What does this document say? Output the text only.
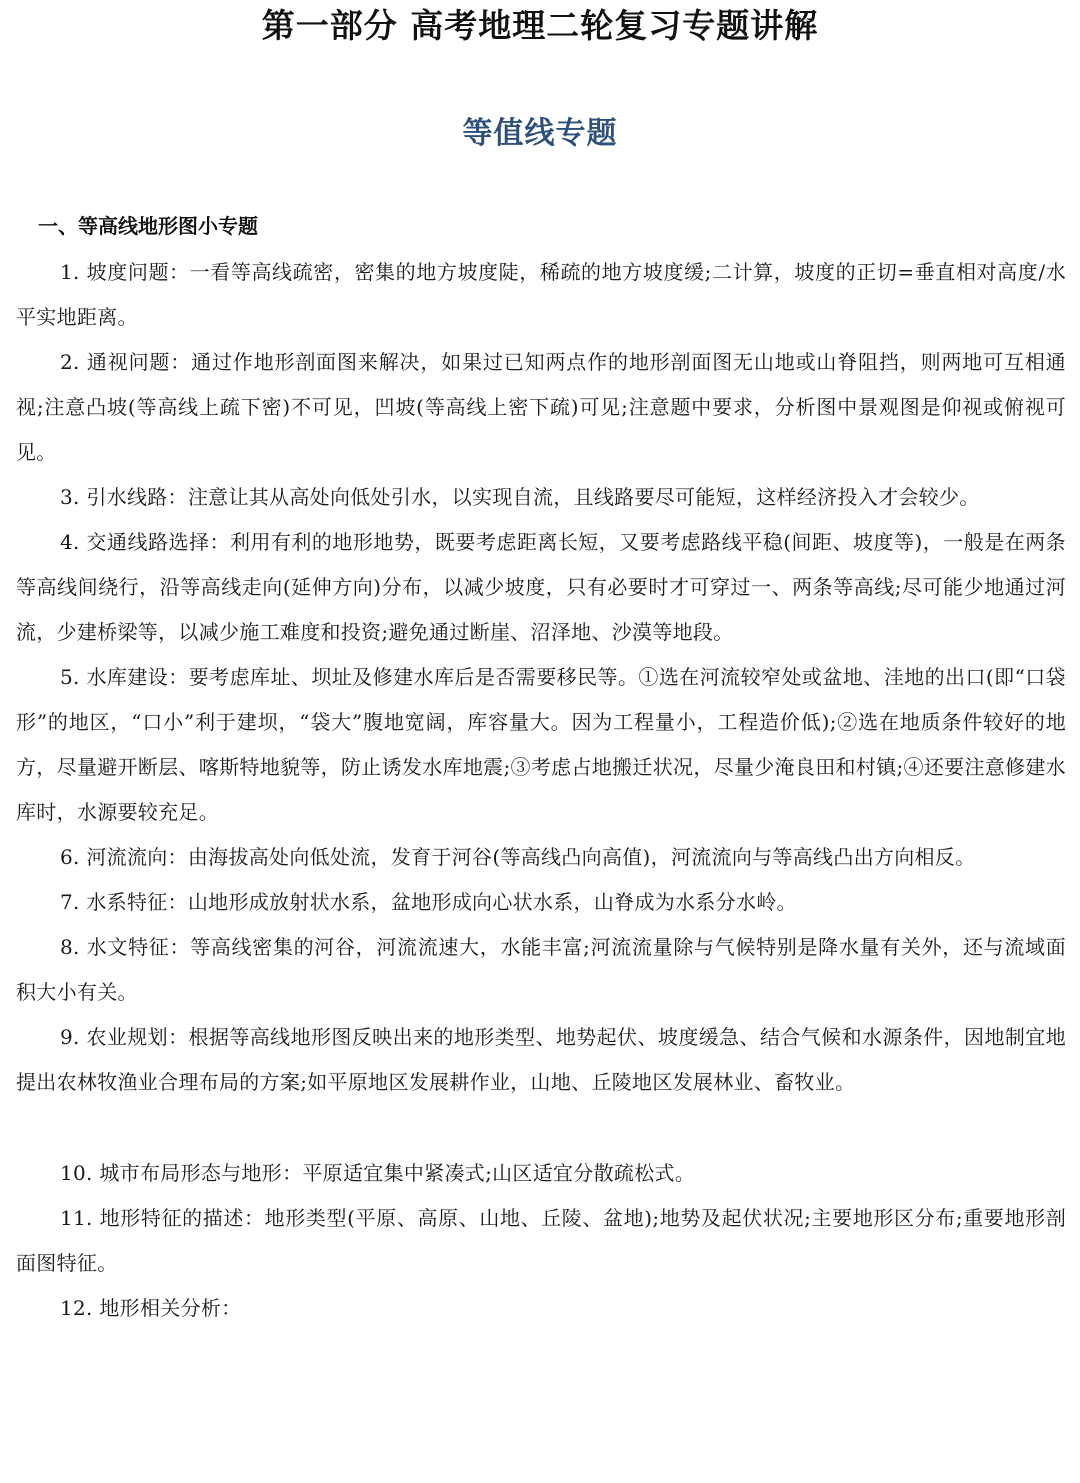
第一部分 高考地理二轮复习专题讲解
等值线专题
一、等高线地形图小专题

1. 坡度问题：一看等高线疏密，密集的地方坡度陡，稀疏的地方坡度缓;二计算，坡度的正切=垂直相对高度/水平实地距离。

2. 通视问题：通过作地形剖面图来解决，如果过已知两点作的地形剖面图无山地或山脊阻挡，则两地可互相通视;注意凸坡(等高线上疏下密)不可见，凹坡(等高线上密下疏)可见;注意题中要求，分析图中景观图是仰视或俯视可见。

3. 引水线路：注意让其从高处向低处引水，以实现自流，且线路要尽可能短，这样经济投入才会较少。

4. 交通线路选择：利用有利的地形地势，既要考虑距离长短，又要考虑路线平稳(间距、坡度等)，一般是在两条等高线间绕行，沿等高线走向(延伸方向)分布，以减少坡度，只有必要时才可穿过一、两条等高线;尽可能少地通过河流，少建桥梁等，以减少施工难度和投资;避免通过断崖、沼泽地、沙漠等地段。

5. 水库建设：要考虑库址、坝址及修建水库后是否需要移民等。①选在河流较窄处或盆地、洼地的出口(即“口袋形”的地区，“口小”利于建坝，“袋大”腹地宽阔，库容量大。因为工程量小，工程造价低);②选在地质条件较好的地方，尽量避开断层、喀斯特地貌等，防止诱发水库地震;③考虑占地搬迁状况，尽量少淹良田和村镇;④还要注意修建水库时，水源要较充足。

6. 河流流向：由海拔高处向低处流，发育于河谷(等高线凸向高值)，河流流向与等高线凸出方向相反。

7. 水系特征：山地形成放射状水系，盆地形成向心状水系，山脊成为水系分水岭。

8. 水文特征：等高线密集的河谷，河流流速大，水能丰富;河流流量除与气候特别是降水量有关外，还与流域面积大小有关。

9. 农业规划：根据等高线地形图反映出来的地形类型、地势起伏、坡度缓急、结合气候和水源条件，因地制宜地提出农林牧渔业合理布局的方案;如平原地区发展耕作业，山地、丘陵地区发展林业、畜牧业。

10. 城市布局形态与地形：平原适宜集中紧凑式;山区适宜分散疏松式。

11. 地形特征的描述：地形类型(平原、高原、山地、丘陵、盆地);地势及起伏状况;主要地形区分布;重要地形剖面图特征。

12. 地形相关分析：
